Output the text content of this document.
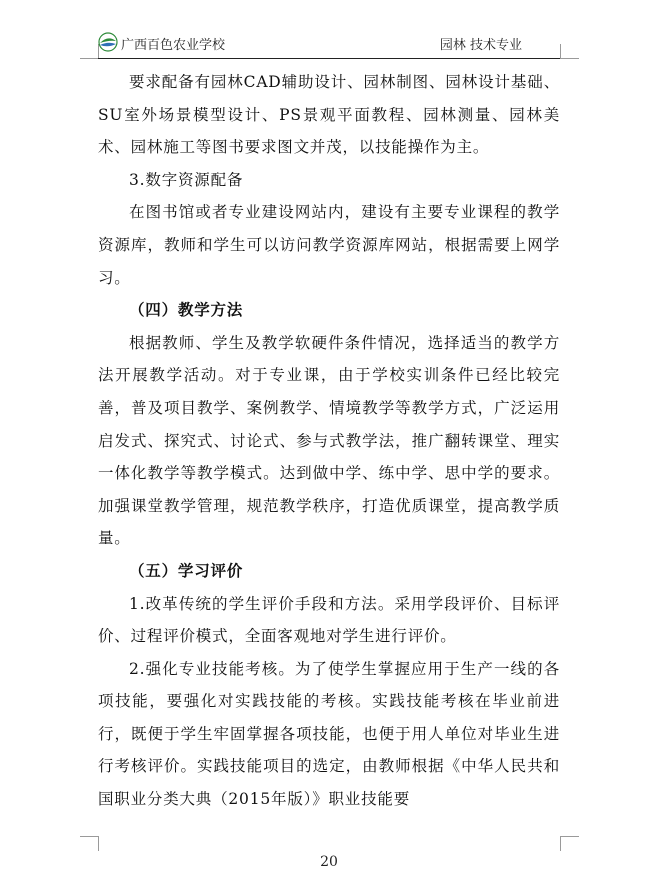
广西百色农业学校	园林 技术专业

要求配备有园林CAD辅助设计、园林制图、园林设计基础、SU室外场景模型设计、PS景观平面教程、园林测量、园林美术、园林施工等图书要求图文并茂，以技能操作为主。

3.数字资源配备

在图书馆或者专业建设网站内，建设有主要专业课程的教学资源库，教师和学生可以访问教学资源库网站，根据需要上网学习。

（四）教学方法

根据教师、学生及教学软硬件条件情况，选择适当的教学方法开展教学活动。对于专业课，由于学校实训条件已经比较完善，普及项目教学、案例教学、情境教学等教学方式，广泛运用启发式、探究式、讨论式、参与式教学法，推广翻转课堂、理实一体化教学等教学模式。达到做中学、练中学、思中学的要求。加强课堂教学管理，规范教学秩序，打造优质课堂，提高教学质量。

（五）学习评价

1.改革传统的学生评价手段和方法。采用学段评价、目标评价、过程评价模式，全面客观地对学生进行评价。

2.强化专业技能考核。为了使学生掌握应用于生产一线的各项技能，要强化对实践技能的考核。实践技能考核在毕业前进行，既便于学生牢固掌握各项技能，也便于用人单位对毕业生进行考核评价。实践技能项目的选定，由教师根据《中华人民共和国职业分类大典（2015年版）》职业技能要

20
